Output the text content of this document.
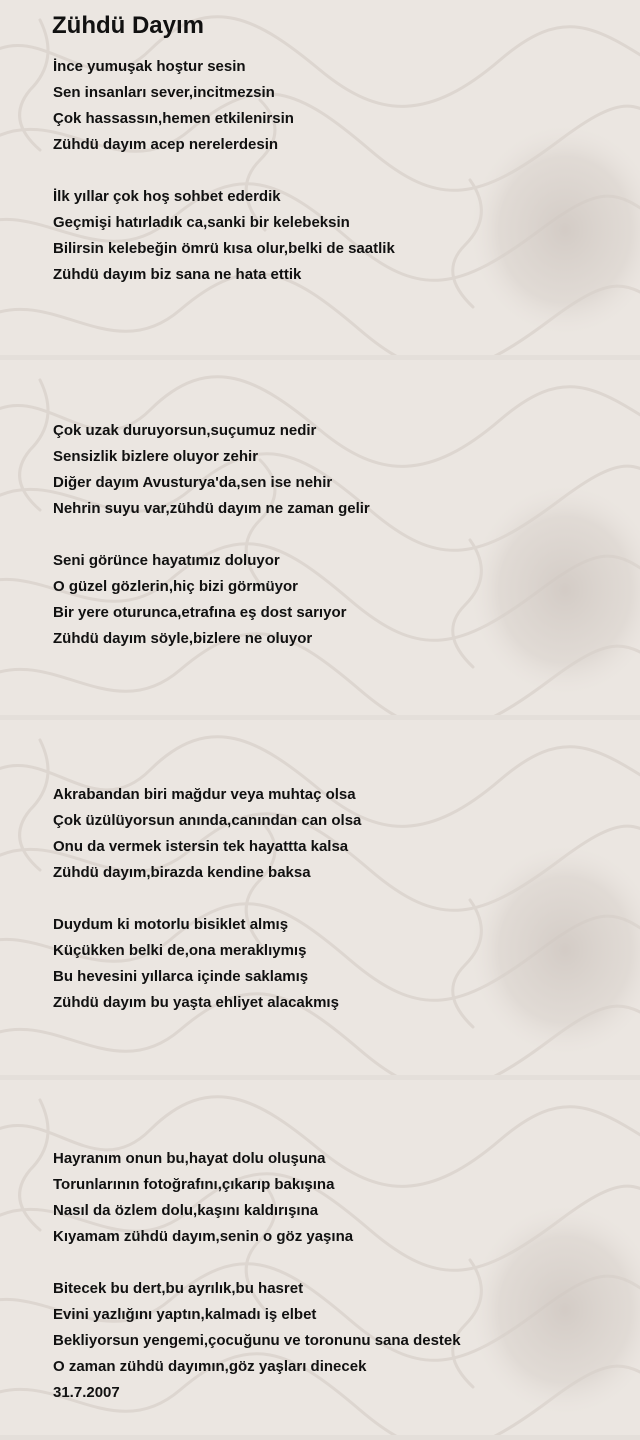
Zühdü Dayım
İnce yumuşak hoştur sesin
Sen insanları sever,incitmezsin
Çok hassassın,hemen etkilenirsin
Zühdü dayım acep nerelerdesin
İlk yıllar çok hoş sohbet ederdik
Geçmişi hatırladık ca,sanki bir kelebeksin
Bilirsin kelebeğin ömrü kısa olur,belki de saatlik
Zühdü dayım biz sana ne hata ettik
Çok uzak duruyorsun,suçumuz nedir
Sensizlik bizlere oluyor zehir
Diğer dayım Avusturya'da,sen ise nehir
Nehrin suyu var,zühdü dayım ne zaman gelir
Seni görünce hayatımız doluyor
O güzel gözlerin,hiç bizi görmüyor
Bir yere oturunca,etrafına eş dost sarıyor
Zühdü dayım söyle,bizlere ne oluyor
Akrabandan biri mağdur veya muhtaç olsa
Çok üzülüyorsun anında,canından can olsa
Onu da vermek istersin tek hayattta kalsa
Zühdü dayım,birazda kendine baksa
Duydum ki motorlu bisiklet almış
Küçükken belki de,ona meraklıymış
Bu hevesini yıllarca içinde saklamış
Zühdü dayım bu yaşta ehliyet alacakmış
Hayranım onun bu,hayat dolu oluşuna
Torunlarının fotoğrafını,çıkarıp bakışına
Nasıl da özlem dolu,kaşını kaldırışına
Kıyamam zühdü dayım,senin o göz yaşına
Bitecek bu dert,bu ayrılık,bu hasret
Evini yazlığını yaptın,kalmadı iş elbet
Bekliyorsun yengemi,çocuğunu ve toronunu sana destek
O zaman zühdü dayımın,göz yaşları dinecek
31.7.2007
